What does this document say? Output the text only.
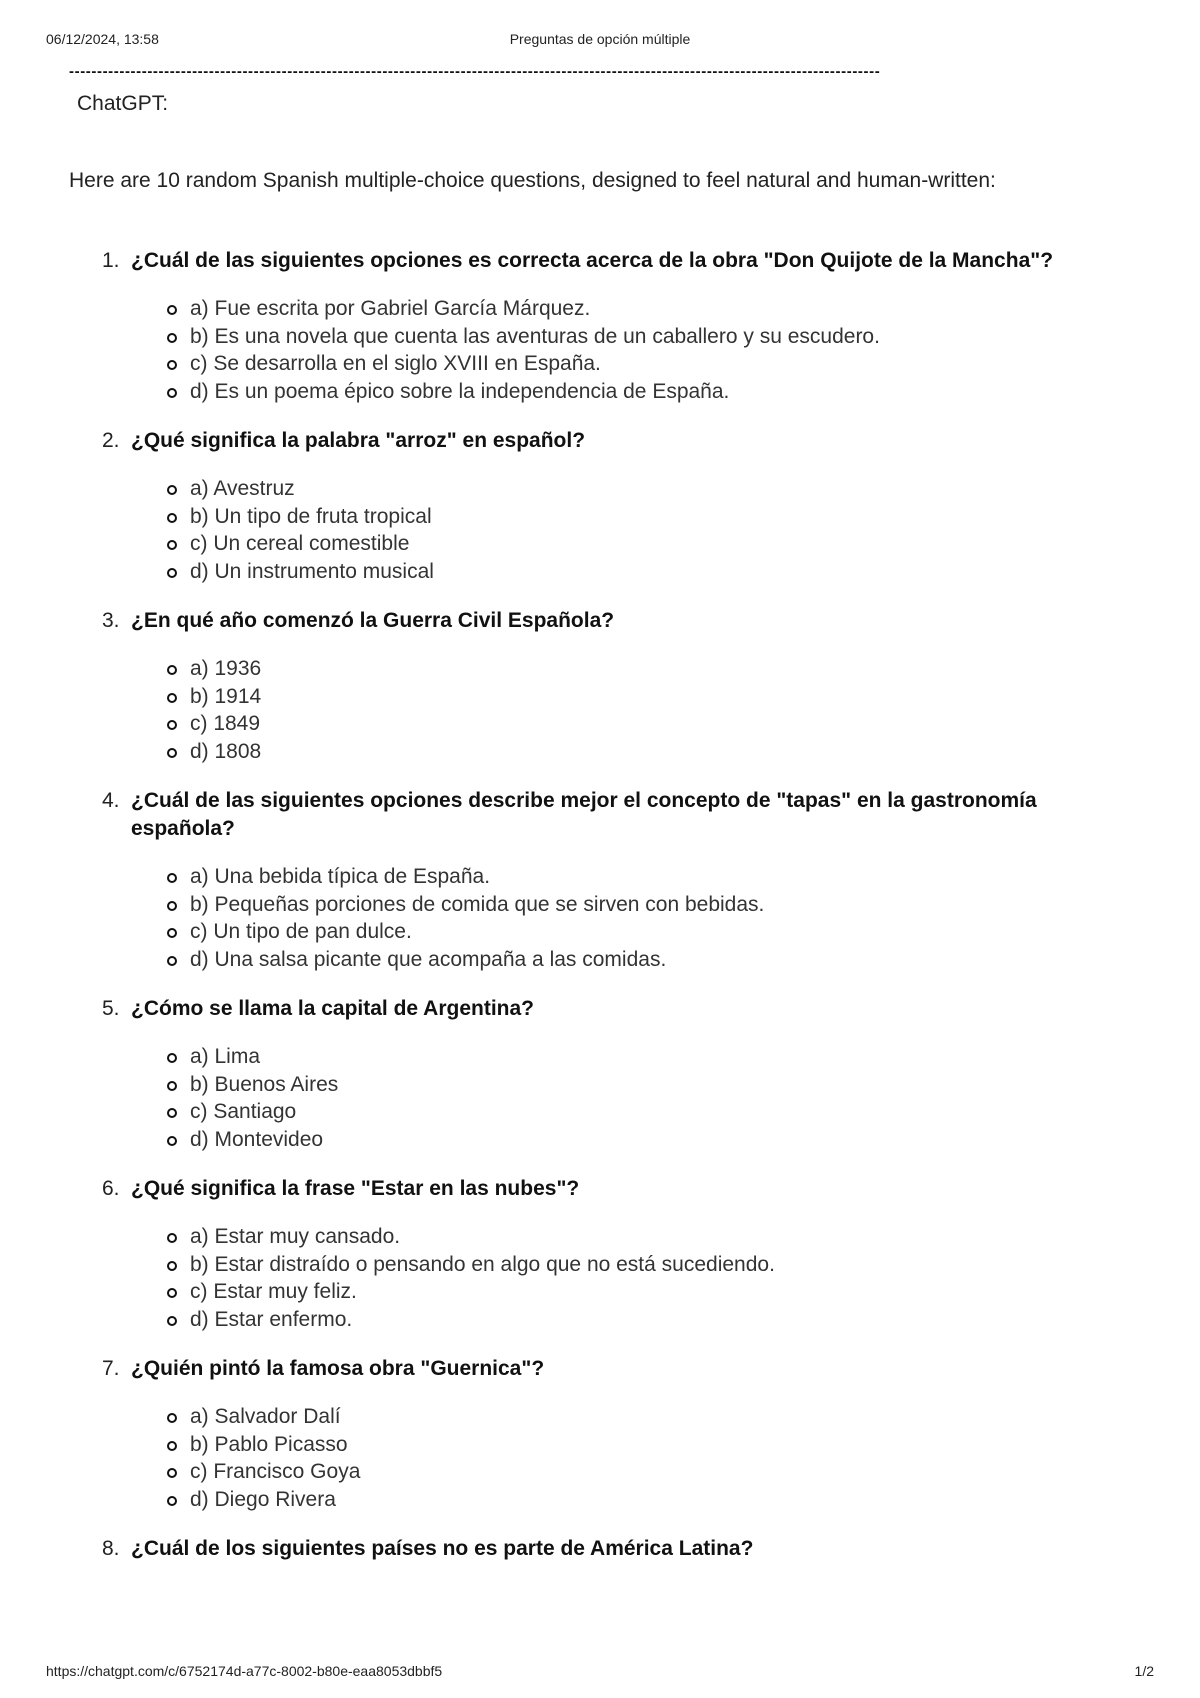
06/12/2024, 13:58	Preguntas de opción múltiple
-------------------------------------------------------------------------------------------------------------------------------------------------
ChatGPT:
Here are 10 random Spanish multiple-choice questions, designed to feel natural and human-written:
1. ¿Cuál de las siguientes opciones es correcta acerca de la obra "Don Quijote de la Mancha"?
a) Fue escrita por Gabriel García Márquez.
b) Es una novela que cuenta las aventuras de un caballero y su escudero.
c) Se desarrolla en el siglo XVIII en España.
d) Es un poema épico sobre la independencia de España.
2. ¿Qué significa la palabra "arroz" en español?
a) Avestruz
b) Un tipo de fruta tropical
c) Un cereal comestible
d) Un instrumento musical
3. ¿En qué año comenzó la Guerra Civil Española?
a) 1936
b) 1914
c) 1849
d) 1808
4. ¿Cuál de las siguientes opciones describe mejor el concepto de "tapas" en la gastronomía española?
a) Una bebida típica de España.
b) Pequeñas porciones de comida que se sirven con bebidas.
c) Un tipo de pan dulce.
d) Una salsa picante que acompaña a las comidas.
5. ¿Cómo se llama la capital de Argentina?
a) Lima
b) Buenos Aires
c) Santiago
d) Montevideo
6. ¿Qué significa la frase "Estar en las nubes"?
a) Estar muy cansado.
b) Estar distraído o pensando en algo que no está sucediendo.
c) Estar muy feliz.
d) Estar enfermo.
7. ¿Quién pintó la famosa obra "Guernica"?
a) Salvador Dalí
b) Pablo Picasso
c) Francisco Goya
d) Diego Rivera
8. ¿Cuál de los siguientes países no es parte de América Latina?
https://chatgpt.com/c/6752174d-a77c-8002-b80e-eaa8053dbbf5	1/2
